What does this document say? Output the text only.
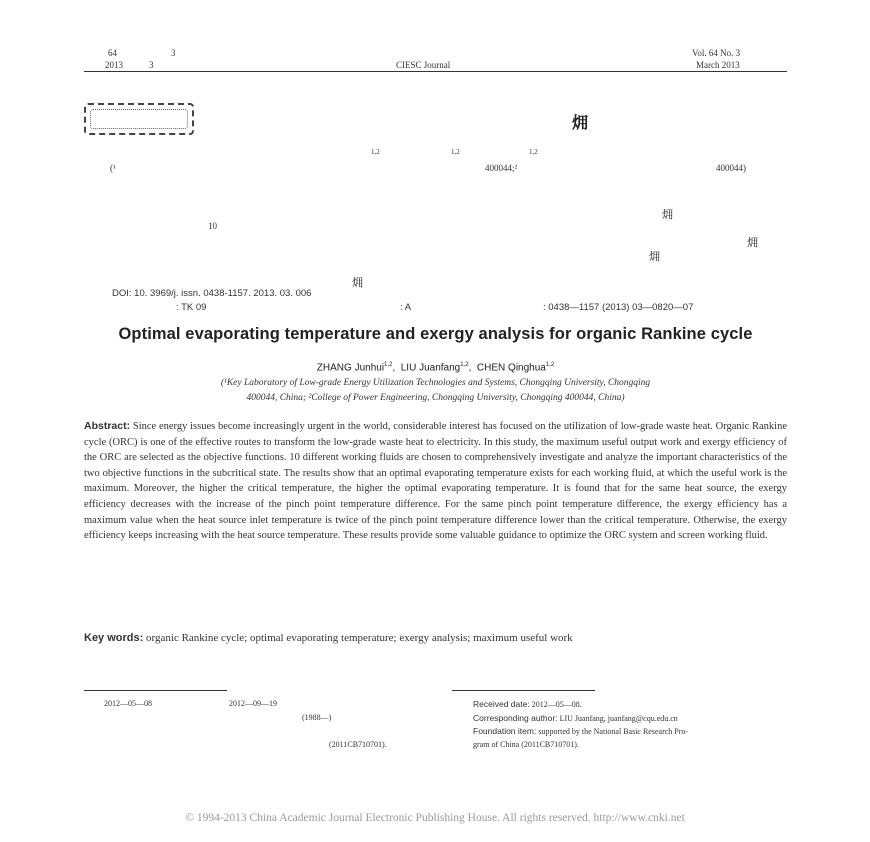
64	3
2013	3	CIESC Journal
Vol. 64 No. 3
March 2013
㶲
1,2	1,2	1,2
(¹	400044;²	400044)
10
㶲
㶲
㶲
㶲
DOI: 10. 3969/j. issn. 0438-1157. 2013. 03. 006
: TK 09	: A	: 0438—1157 (2013) 03—0820—07
Optimal evaporating temperature and exergy analysis for organic Rankine cycle
ZHANG Junhui$^{1,2}$,  LIU Juanfang$^{1,2}$,  CHEN Qinghua$^{1,2}$
(¹Key Laboratory of Low-grade Energy Utilization Technologies and Systems, Chongqing University, Chongqing
400044, China; ²College of Power Engineering, Chongqing University, Chongqing 400044, China)
Abstract: Since energy issues become increasingly urgent in the world, considerable interest has focused on the utilization of low-grade waste heat. Organic Rankine cycle (ORC) is one of the effective routes to transform the low-grade waste heat to electricity. In this study, the maximum useful output work and exergy efficiency of the ORC are selected as the objective functions. 10 different working fluids are chosen to comprehensively investigate and analyze the important characteristics of the two objective functions in the subcritical state. The results show that an optimal evaporating temperature exists for each working fluid, at which the useful work is the maximum. Moreover, the higher the critical temperature, the higher the optimal evaporating temperature. It is found that for the same heat source, the exergy efficiency decreases with the increase of the pinch point temperature difference. For the same pinch point temperature difference, the exergy efficiency has a maximum value when the heat source inlet temperature is twice of the pinch point temperature difference lower than the critical temperature. Otherwise, the exergy efficiency keeps increasing with the heat source temperature. These results provide some valuable guidance to optimize the ORC system and screen working fluid.
Key words: organic Rankine cycle; optimal evaporating temperature; exergy analysis; maximum useful work
2012—05—08	2012—09—19
(1988—)
(2011CB710701).
Received date: 2012—05—08.
Corresponding author: LIU Juanfang, juanfang@cqu.edu.cn
Foundation item: supported by the National Basic Research Pro-
gram of China (2011CB710701).
© 1994-2013 China Academic Journal Electronic Publishing House. All rights reserved. http://www.cnki.net
